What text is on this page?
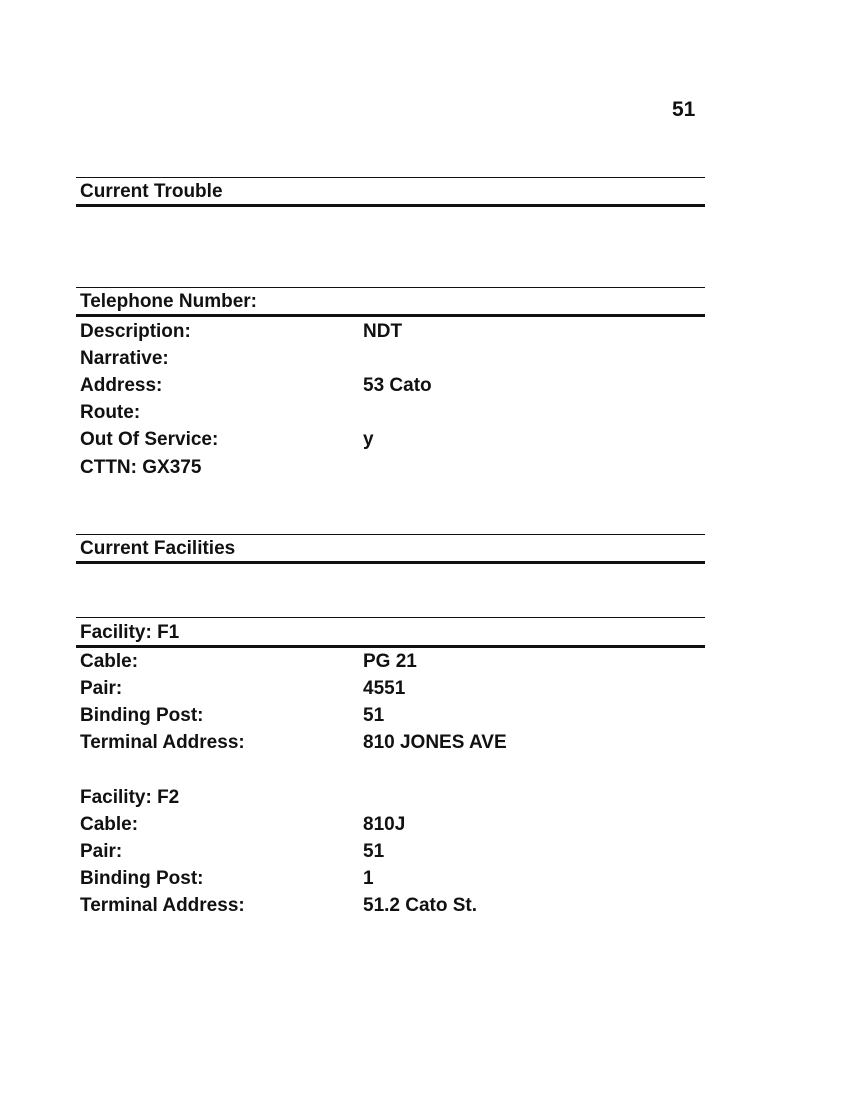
51
Current Trouble
Telephone Number:
Description:	NDT
Narrative:
Address:	53 Cato
Route:
Out Of Service:	y
CTTN: GX375
Current Facilities
Facility: F1
Cable:	PG 21
Pair:	4551
Binding Post:	51
Terminal Address:	810 JONES AVE
Facility: F2
Cable:	810J
Pair:	51
Binding Post:	1
Terminal Address:	51.2 Cato St.
